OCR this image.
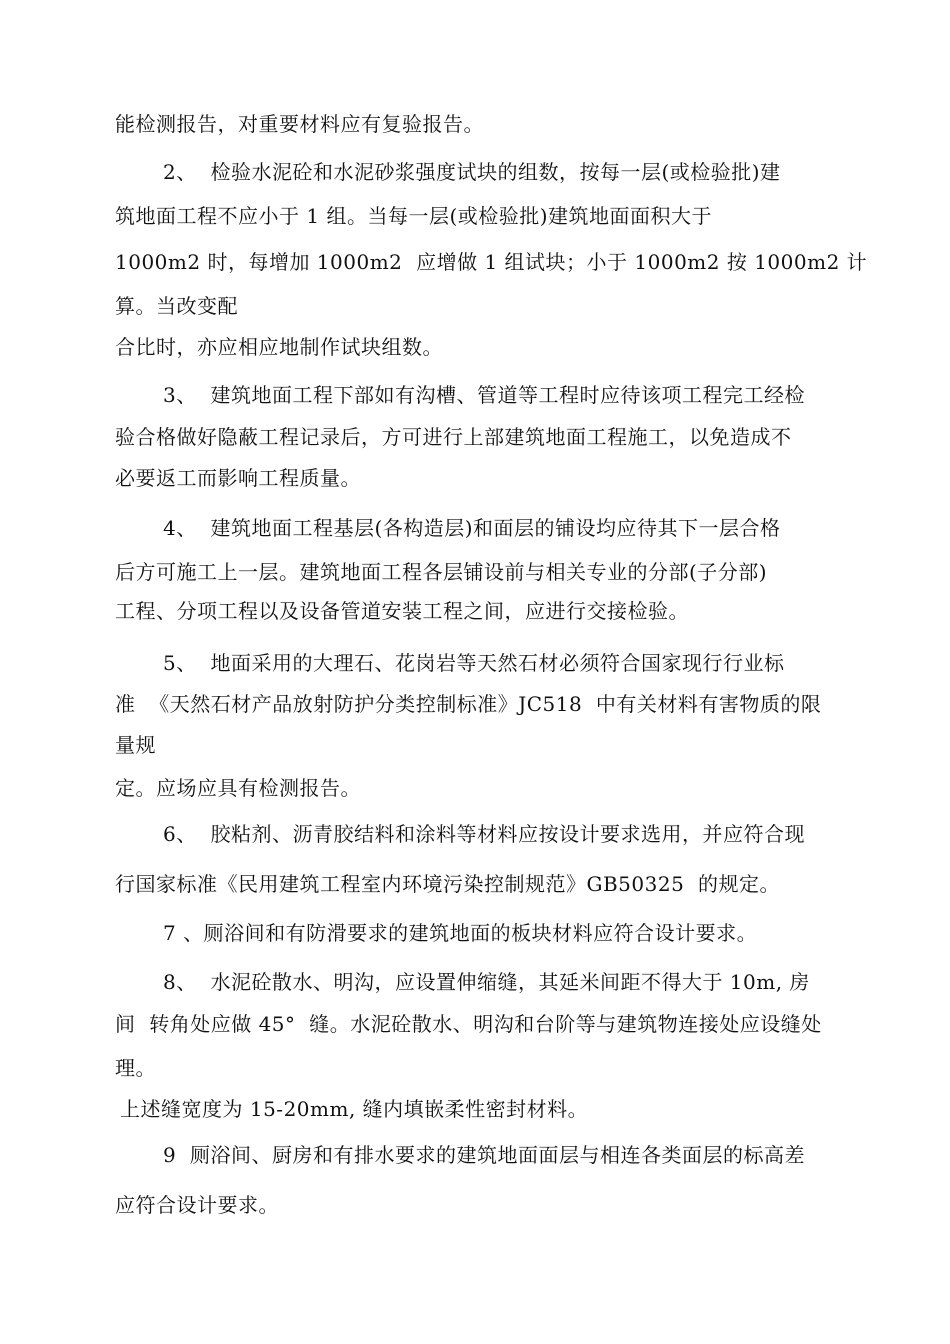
能检测报告，对重要材料应有复验报告。
2、  检验水泥砼和水泥砂浆强度试块的组数，按每一层(或检验批)建
筑地面工程不应小于 1 组。当每一层(或检验批)建筑地面面积大于
1000m2 时，每增加 1000m2  应增做 1 组试块；小于 1000m2 按 1000m2 计
算。当改变配
合比时，亦应相应地制作试块组数。
3、  建筑地面工程下部如有沟槽、管道等工程时应待该项工程完工经检
验合格做好隐蔽工程记录后，方可进行上部建筑地面工程施工，以免造成不
必要返工而影响工程质量。
4、  建筑地面工程基层(各构造层)和面层的铺设均应待其下一层合格
后方可施工上一层。建筑地面工程各层铺设前与相关专业的分部(子分部)
工程、分项工程以及设备管道安装工程之间，应进行交接检验。
5、  地面采用的大理石、花岗岩等天然石材必须符合国家现行行业标
准  《天然石材产品放射防护分类控制标准》JC518  中有关材料有害物质的限
量规
定。应场应具有检测报告。
6、  胶粘剂、沥青胶结料和涂料等材料应按设计要求选用，并应符合现
行国家标准《民用建筑工程室内环境污染控制规范》GB50325  的规定。
7 、厕浴间和有防滑要求的建筑地面的板块材料应符合设计要求。
8、  水泥砼散水、明沟，应设置伸缩缝，其延米间距不得大于 10m, 房
间  转角处应做 45°  缝。水泥砼散水、明沟和台阶等与建筑物连接处应设缝处
理。
上述缝宽度为 15-20mm, 缝内填嵌柔性密封材料。
9  厕浴间、厨房和有排水要求的建筑地面面层与相连各类面层的标高差
应符合设计要求。
